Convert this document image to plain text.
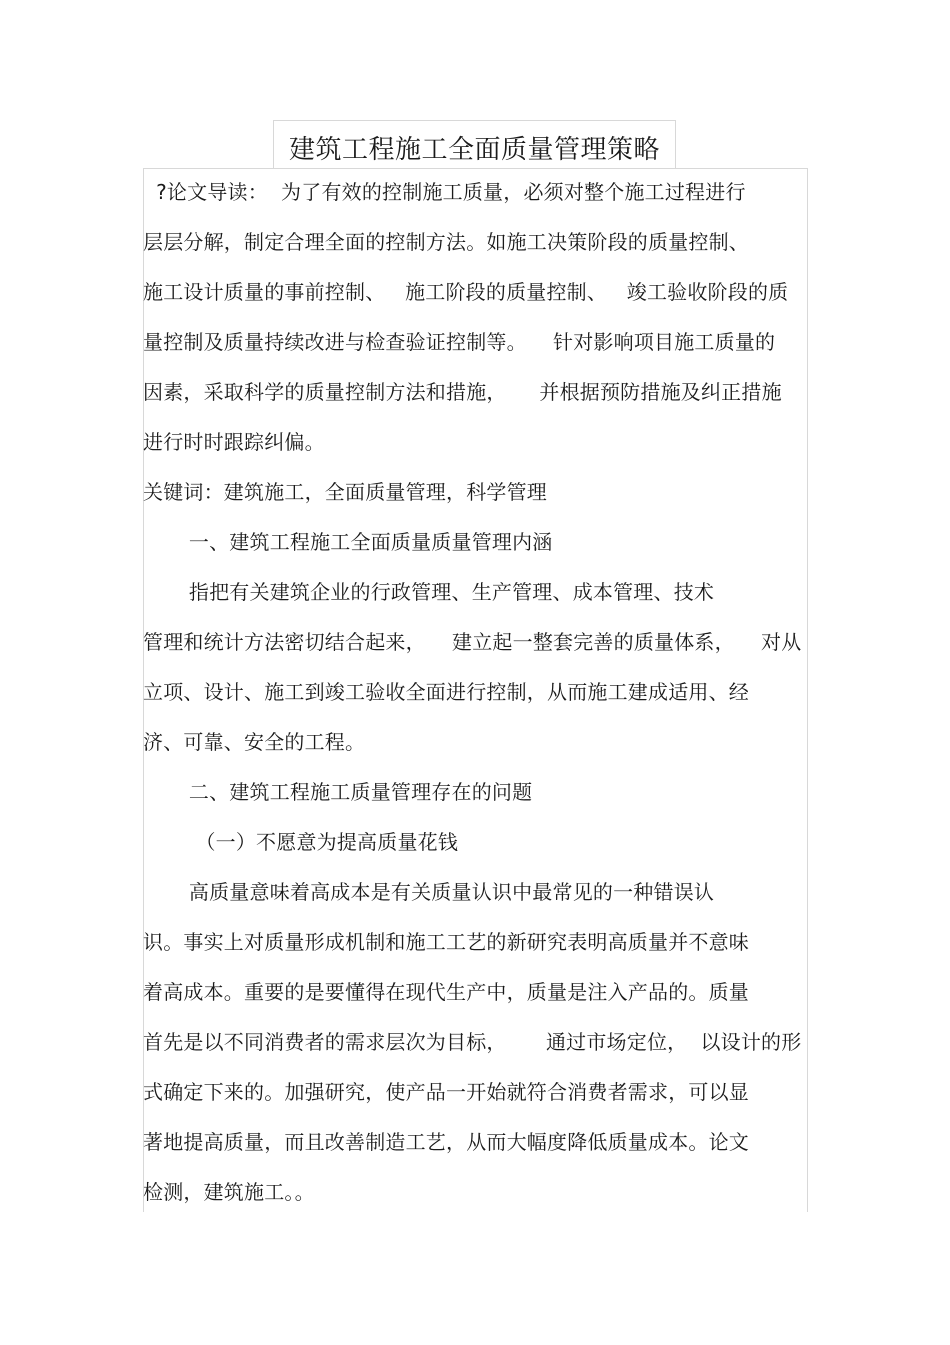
建筑工程施工全面质量管理策略
?论文导读：  为了有效的控制施工质量，必须对整个施工过程进行
层层分解，制定合理全面的控制方法。如施工决策阶段的质量控制、
施工设计质量的事前控制、   施工阶段的质量控制、   竣工验收阶段的质
量控制及质量持续改进与检查验证控制等。    针对影响项目施工质量的
因素，采取科学的质量控制方法和措施，     并根据预防措施及纠正措施
进行时时跟踪纠偏。
关键词：建筑施工，全面质量管理，科学管理
一、建筑工程施工全面质量质量管理内涵
指把有关建筑企业的行政管理、生产管理、成本管理、技术
管理和统计方法密切结合起来，    建立起一整套完善的质量体系，    对从
立项、设计、施工到竣工验收全面进行控制，从而施工建成适用、经
济、可靠、安全的工程。
二、建筑工程施工质量管理存在的问题
（一）不愿意为提高质量花钱
高质量意味着高成本是有关质量认识中最常见的一种错误认
识。事实上对质量形成机制和施工工艺的新研究表明高质量并不意味
着高成本。重要的是要懂得在现代生产中，质量是注入产品的。质量
首先是以不同消费者的需求层次为目标，      通过市场定位，  以设计的形
式确定下来的。加强研究，使产品一开始就符合消费者需求，可以显
著地提高质量，而且改善制造工艺，从而大幅度降低质量成本。论文
检测，建筑施工。。
